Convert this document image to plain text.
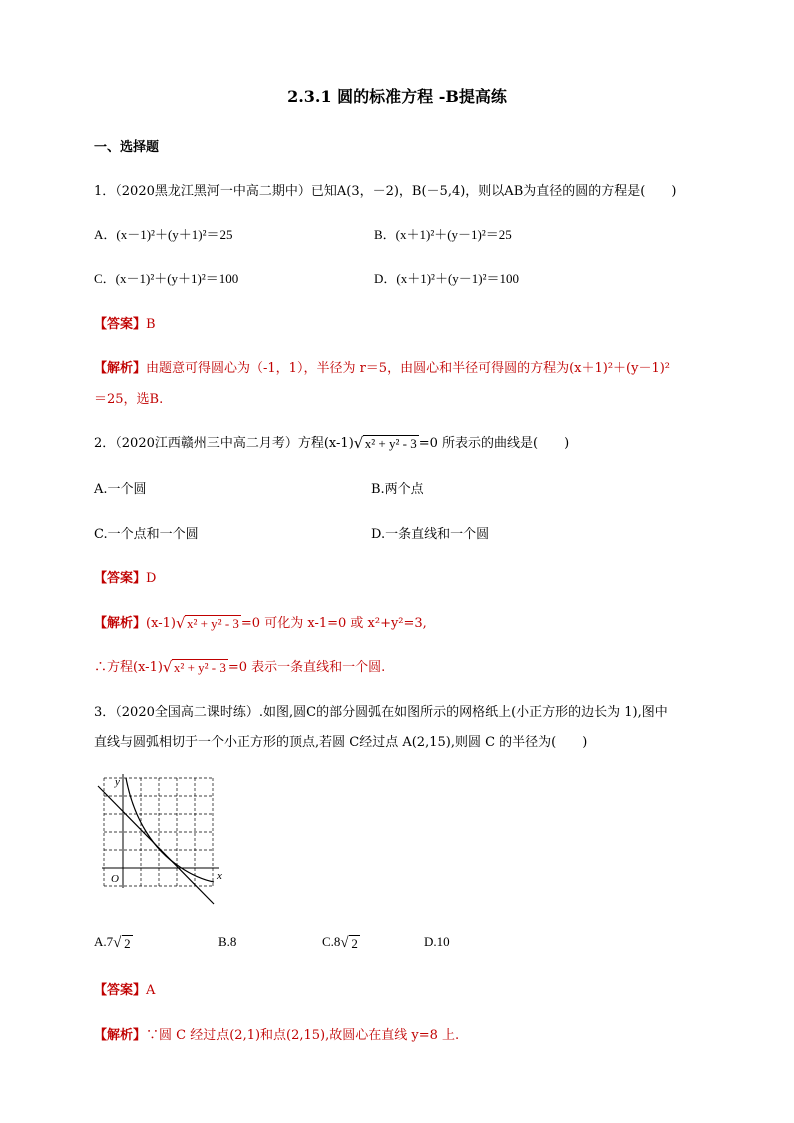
2.3.1 圆的标准方程 -B提高练
一、选择题
1．（2020黑龙江黑河一中高二期中）已知A(3，－2)，B(－5,4)，则以AB为直径的圆的方程是(　　)
A．(x－1)²＋(y＋1)²＝25	B．(x＋1)²＋(y－1)²＝25
C．(x－1)²＋(y＋1)²＝100	D．(x＋1)²＋(y－1)²＝100
【答案】B
【解析】由题意可得圆心为（-1，1），半径为 r＝5，由圆心和半径可得圆的方程为(x＋1)²＋(y－1)²
＝25，选B.
2．（2020江西赣州三中高二月考）方程(x-1) √ x² + y² - 3 =0 所表示的曲线是(　　)
A.一个圆	B.两个点
C.一个点和一个圆	D.一条直线和一个圆
【答案】D
【解析】(x-1) √ x² + y² - 3 =0 可化为 x-1=0 或 x²+y²=3,
∴方程(x-1) √ x² + y² - 3 =0 表示一条直线和一个圆.
3．（2020全国高二课时练）.如图,圆C的部分圆弧在如图所示的网格纸上(小正方形的边长为 1),图中
直线与圆弧相切于一个小正方形的顶点,若圆 C经过点 A(2,15),则圆 C 的半径为(　　)
y
x
O
A.7 √ 2	B.8	C.8 √ 2	D.10
【答案】A
【解析】∵圆 C 经过点(2,1)和点(2,15),故圆心在直线 y=8 上.
